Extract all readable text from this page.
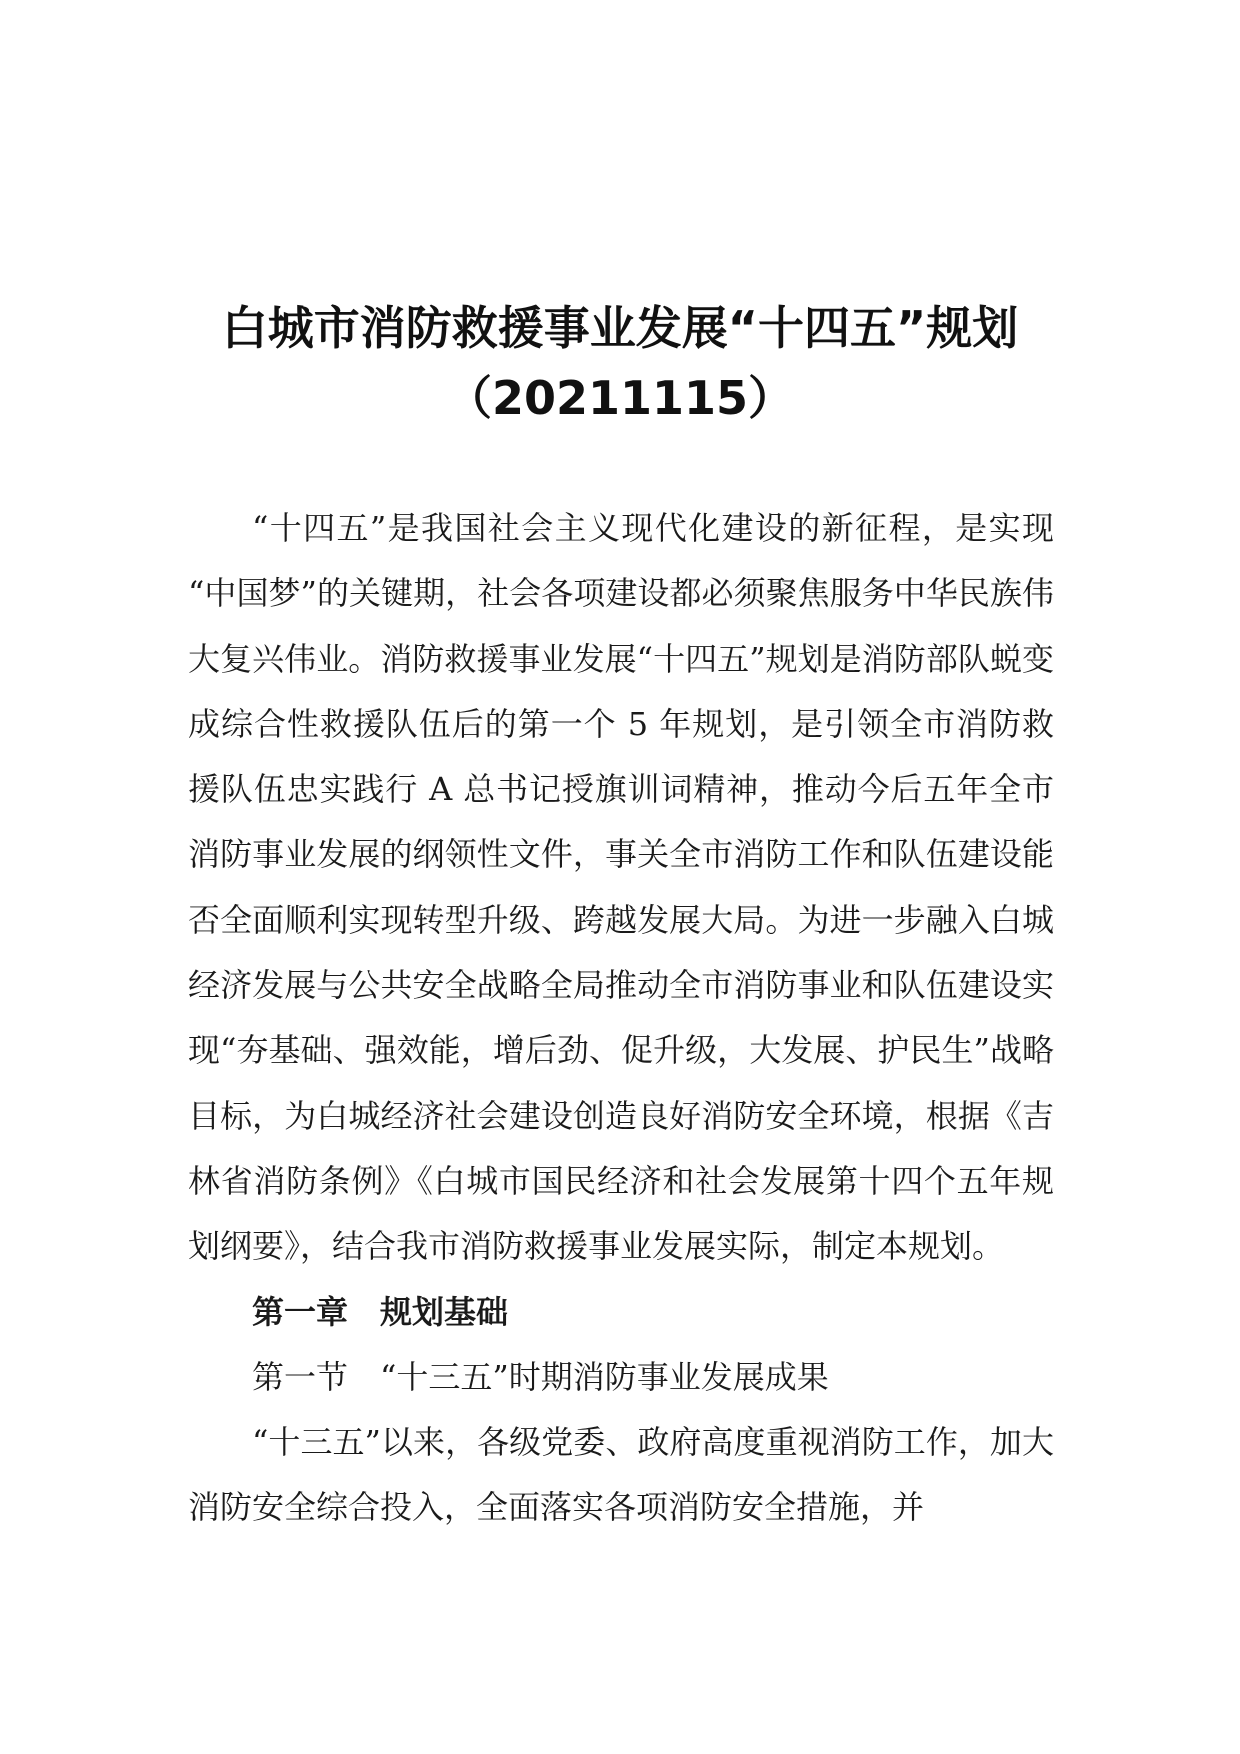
白城市消防救援事业发展“十四五”规划
（20211115）

“十四五”是我国社会主义现代化建设的新征程，是实现 “中国梦”的关键期，社会各项建设都必须聚焦服务中华民族伟大复兴伟业。消防救援事业发展“十四五”规划是消防部队蜕变成综合性救援队伍后的第一个 5 年规划，是引领全市消防救援队伍忠实践行 A 总书记授旗训词精神，推动今后五年全市消防事业发展的纲领性文件，事关全市消防工作和队伍建设能否全面顺利实现转型升级、跨越发展大局。为进一步融入白城经济发展与公共安全战略全局推动全市消防事业和队伍建设实现“夯基础、强效能，增后劲、促升级，大发展、护民生”战略目标，为白城经济社会建设创造良好消防安全环境，根据《吉林省消防条例》《白城市国民经济和社会发展第十四个五年规划纲要》，结合我市消防救援事业发展实际，制定本规划。

第一章　规划基础

第一节　“十三五”时期消防事业发展成果

“十三五”以来，各级党委、政府高度重视消防工作，加大消防安全综合投入，全面落实各项消防安全措施，并
